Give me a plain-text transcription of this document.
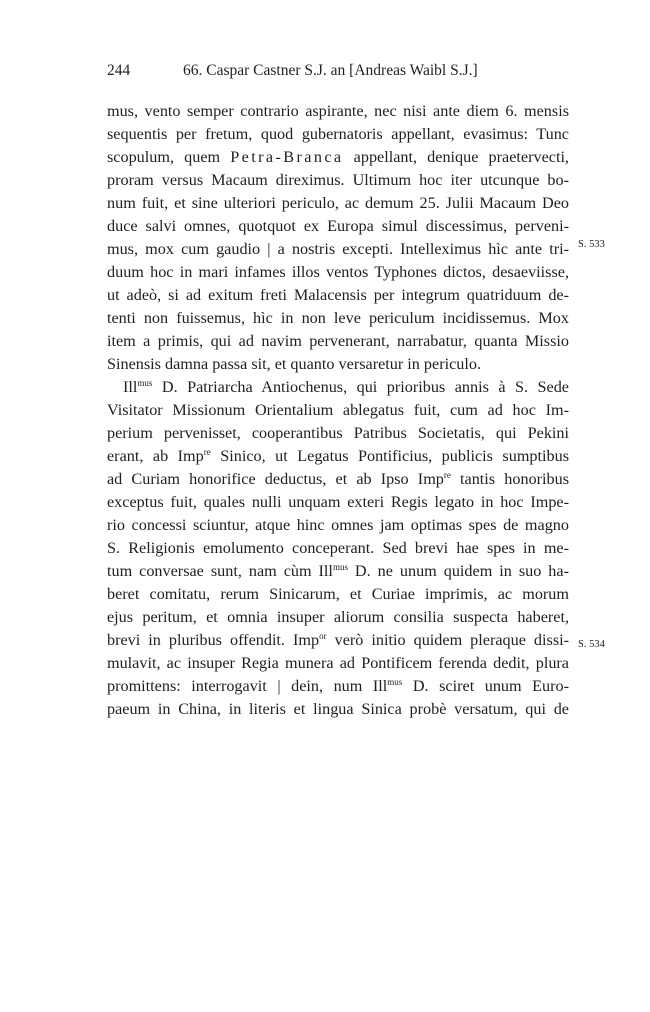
244	66. Caspar Castner S.J. an [Andreas Waibl S.J.]
mus, vento semper contrario aspirante, nec nisi ante diem 6. mensis
sequentis per fretum, quod gubernatoris appellant, evasimus: Tunc
scopulum, quem Petra-Branca appellant, denique praetervecti,
proram versus Macaum direximus. Ultimum hoc iter utcunque bo-
num fuit, et sine ulteriori periculo, ac demum 25. Julii Macaum Deo
duce salvi omnes, quotquot ex Europa simul discessimus, perveni-
mus, mox cum gaudio | a nostris excepti. Intelleximus hìc ante tri-
duum hoc in mari infames illos ventos Typhones dictos, desaeviisse,
ut adeò, si ad exitum freti Malacensis per integrum quatriduum de-
tenti non fuissemus, hìc in non leve periculum incidissemus. Mox
item a primis, qui ad navim pervenerant, narrabatur, quanta Missio
Sinensis damna passa sit, et quanto versaretur in periculo.
Ill$^{mus}$ D. Patriarcha Antiochenus, qui prioribus annis à S. Sede
Visitator Missionum Orientalium ablegatus fuit, cum ad hoc Im-
perium pervenisset, cooperantibus Patribus Societatis, qui Pekini
erant, ab Imp$^{re}$ Sinico, ut Legatus Pontificius, publicis sumptibus
ad Curiam honorifice deductus, et ab Ipso Imp$^{re}$ tantis honoribus
exceptus fuit, quales nulli unquam exteri Regis legato in hoc Impe-
rio concessi sciuntur, atque hinc omnes jam optimas spes de magno
S. Religionis emolumento conceperant. Sed brevi hae spes in me-
tum conversae sunt, nam cùm Ill$^{mus}$ D. ne unum quidem in suo ha-
beret comitatu, rerum Sinicarum, et Curiae imprimis, ac morum
ejus peritum, et omnia insuper aliorum consilia suspecta haberet,
brevi in pluribus offendit. Imp$^{or}$ verò initio quidem pleraque dissi-
mulavit, ac insuper Regia munera ad Pontificem ferenda dedit, plura
promittens: interrogavit | dein, num Ill$^{mus}$ D. sciret unum Euro-
paeum in China, in literis et lingua Sinica probè versatum, qui de
S. 533
S. 534
